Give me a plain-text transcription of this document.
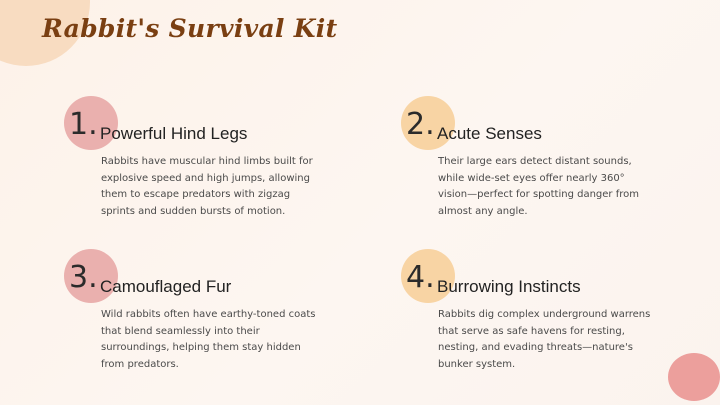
Rabbit's Survival Kit
1. Powerful Hind Legs

Rabbits have muscular hind limbs built for explosive speed and high jumps, allowing them to escape predators with zigzag sprints and sudden bursts of motion.

2. Acute Senses

Their large ears detect distant sounds, while wide-set eyes offer nearly 360° vision—perfect for spotting danger from almost any angle.

3. Camouflaged Fur

Wild rabbits often have earthy-toned coats that blend seamlessly into their surroundings, helping them stay hidden from predators.

4. Burrowing Instincts

Rabbits dig complex underground warrens that serve as safe havens for resting, nesting, and evading threats—nature's bunker system.
